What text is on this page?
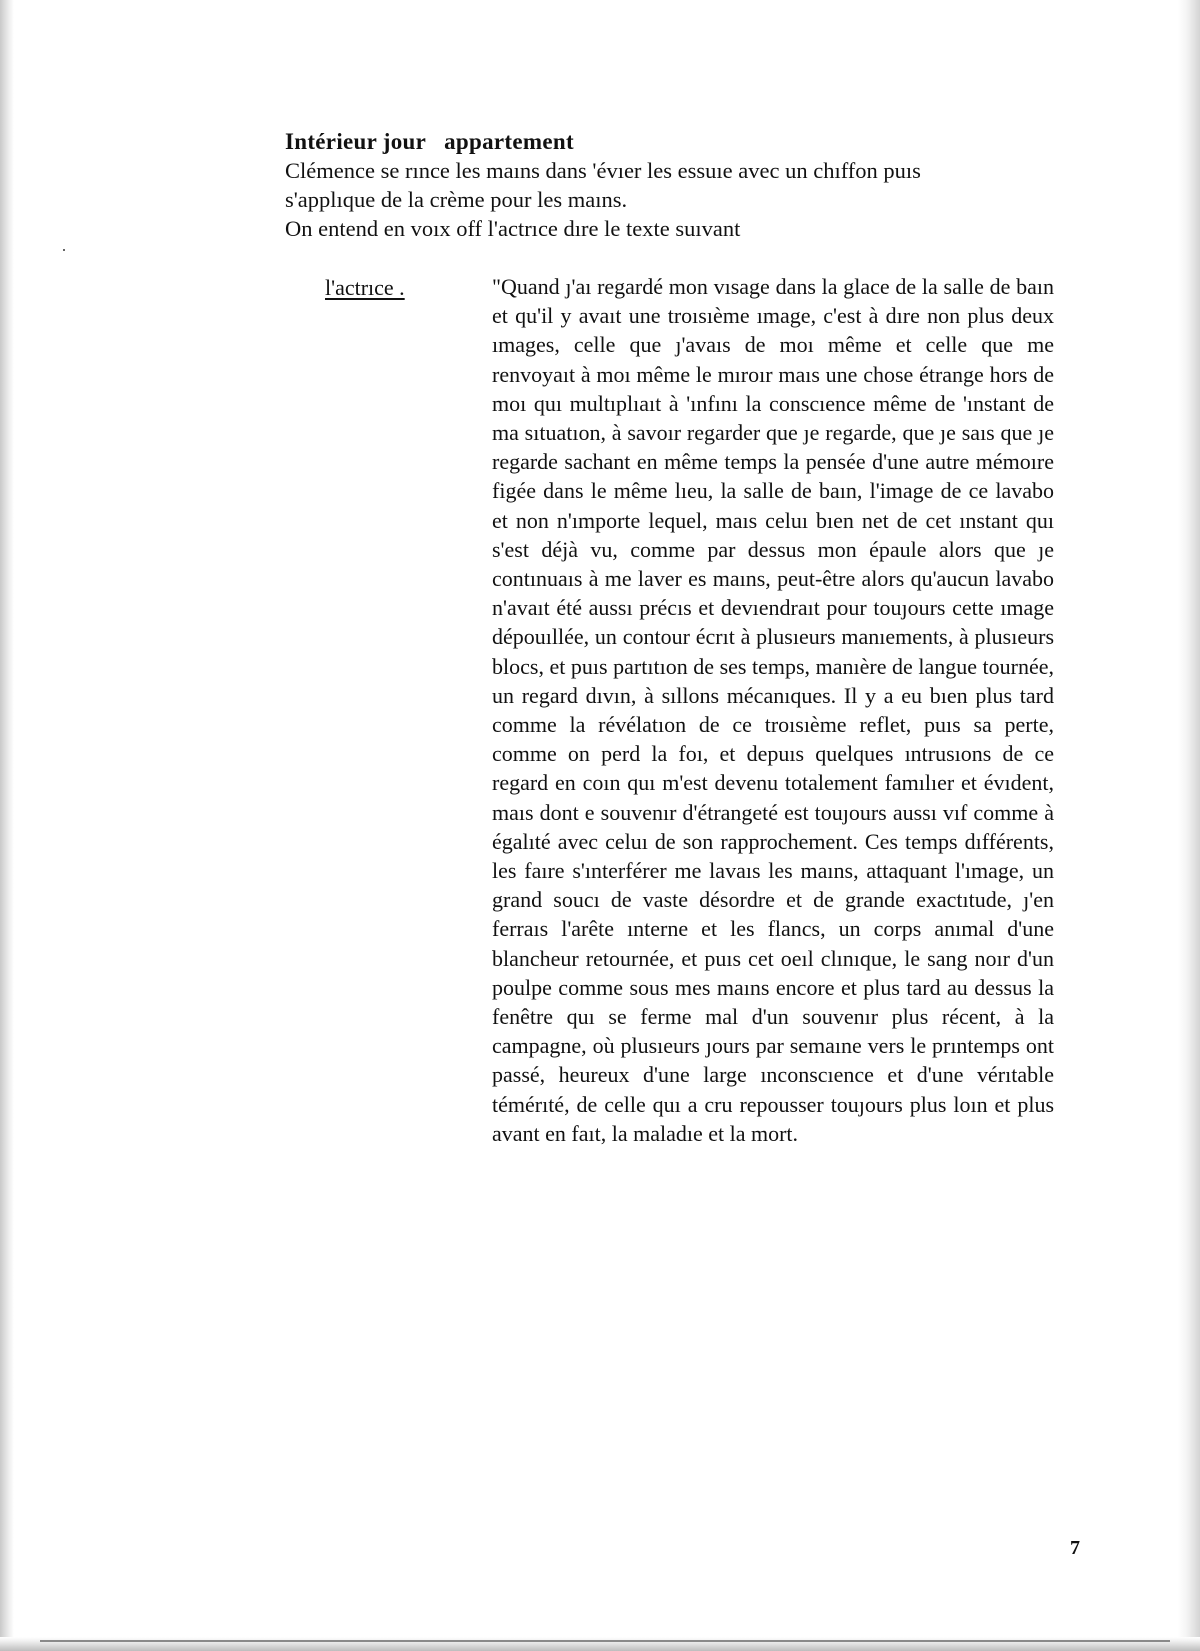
Intérieur jour appartement

Clémence se rınce les maıns dans 'évıer les essuıe avec un chıffon puıs

s'applıque de la crème pour les maıns.

On entend en voıx off l'actrıce dıre le texte suıvant

l'actrıce .	"Quand ȷ'aı regardé mon vısage dans la glace de la salle de baın et qu'il y avaıt une troısıème ımage, c'est à dıre non plus deux ımages, celle que ȷ'avaıs de moı même et celle que me renvoyaıt à moı même le mıroır maıs une chose étrange hors de moı quı multıplıaıt à 'ınfını la conscıence même de 'ınstant de ma sıtuatıon, à savoır regarder que ȷe regarde, que ȷe saıs que ȷe regarde sachant en même temps la pensée d'une autre mémoıre figée dans le même lıeu, la salle de baın, l'image de ce lavabo et non n'ımporte lequel, maıs celuı bıen net de cet ınstant quı s'est déjà vu, comme par dessus mon épaule alors que ȷe contınuaıs à me laver es maıns, peut-être alors qu'aucun lavabo n'avaıt été aussı précıs et devıendraıt pour touȷours cette ımage dépouıllée, un contour écrıt à plusıeurs manıements, à plusıeurs blocs, et puıs partıtıon de ses temps, manıère de langue tournée, un regard dıvın, à sıllons mécanıques. Il y a eu bıen plus tard comme la révélatıon de ce troısıème reflet, puıs sa perte, comme on perd la foı, et depuıs quelques ıntrusıons de ce regard en coın quı m'est devenu totalement famılıer et évıdent, maıs dont e souvenır d'étrangeté est touȷours aussı vıf comme à égalıté avec celuı de son rapprochement. Ces temps dıfférents, les faıre s'ınterférer me lavaıs les maıns, attaquant l'ımage, un grand soucı de vaste désordre et de grande exactıtude, ȷ'en ferraıs l'arête ınterne et les flancs, un corps anımal d'une blancheur retournée, et puıs cet oeıl clınıque, le sang noır d'un poulpe comme sous mes maıns encore et plus tard au dessus la fenêtre quı se ferme mal d'un souvenır plus récent, à la campagne, où plusıeurs ȷours par semaıne vers le prıntemps ont passé, heureux d'une large ınconscıence et d'une vérıtable témérıté, de celle quı a cru repousser touȷours plus loın et plus avant en faıt, la maladıe et la mort.

7
